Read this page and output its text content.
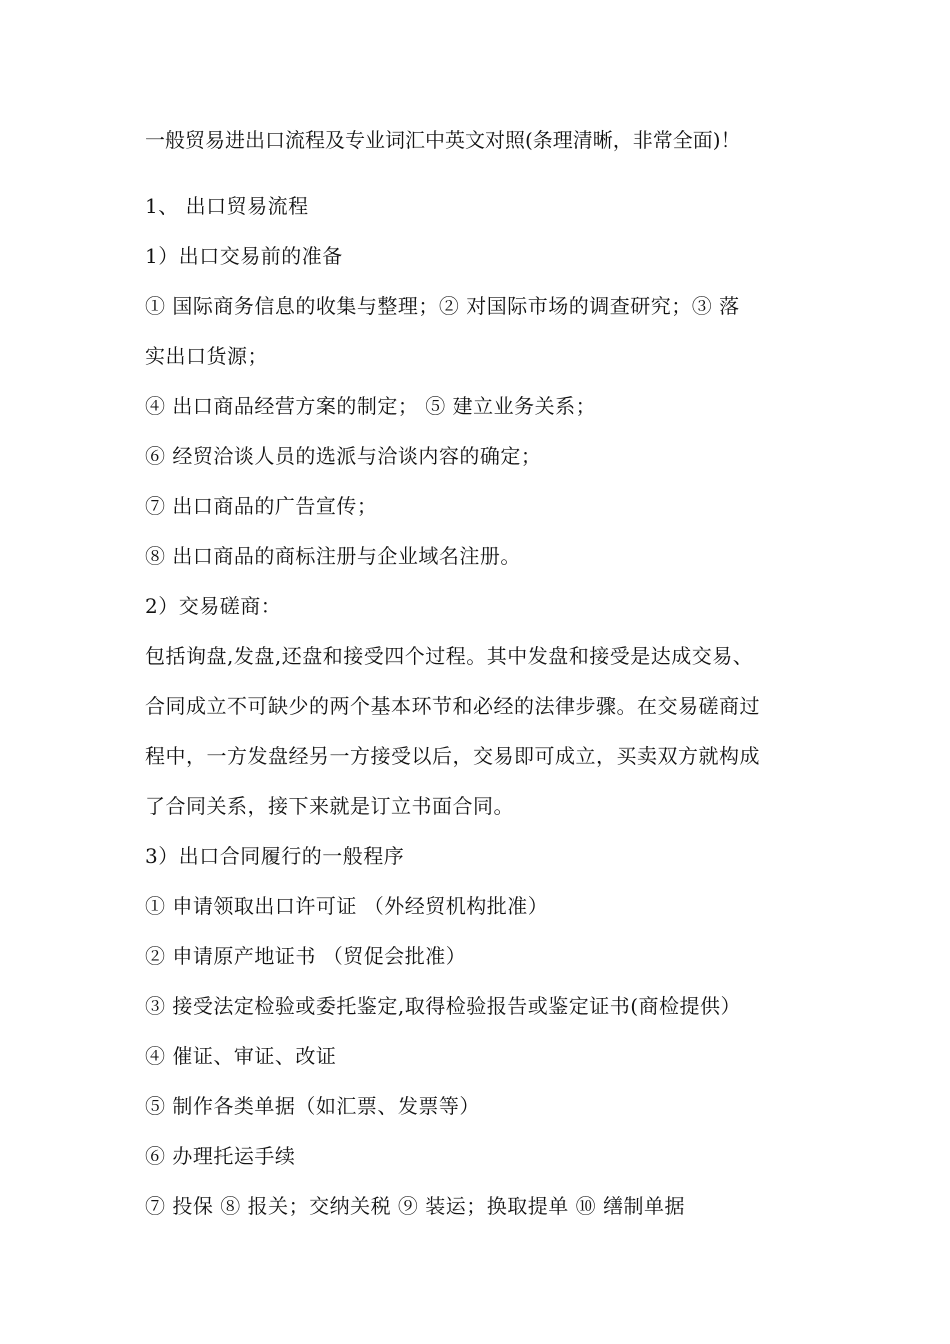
一般贸易进出口流程及专业词汇中英文对照(条理清晰，非常全面)！
1、 出口贸易流程
1）出口交易前的准备
① 国际商务信息的收集与整理；② 对国际市场的调查研究；③ 落
实出口货源；
④ 出口商品经营方案的制定； ⑤ 建立业务关系；
⑥ 经贸洽谈人员的选派与洽谈内容的确定；
⑦ 出口商品的广告宣传；
⑧ 出口商品的商标注册与企业域名注册。
2）交易磋商：
包括询盘,发盘,还盘和接受四个过程。其中发盘和接受是达成交易、
合同成立不可缺少的两个基本环节和必经的法律步骤。在交易磋商过
程中，一方发盘经另一方接受以后，交易即可成立，买卖双方就构成
了合同关系，接下来就是订立书面合同。
3）出口合同履行的一般程序
① 申请领取出口许可证 （外经贸机构批准）
② 申请原产地证书 （贸促会批准）
③ 接受法定检验或委托鉴定,取得检验报告或鉴定证书(商检提供）
④ 催证、审证、改证
⑤ 制作各类单据（如汇票、发票等）
⑥ 办理托运手续
⑦ 投保 ⑧ 报关；交纳关税 ⑨ 装运；换取提单 ⑩ 缮制单据
